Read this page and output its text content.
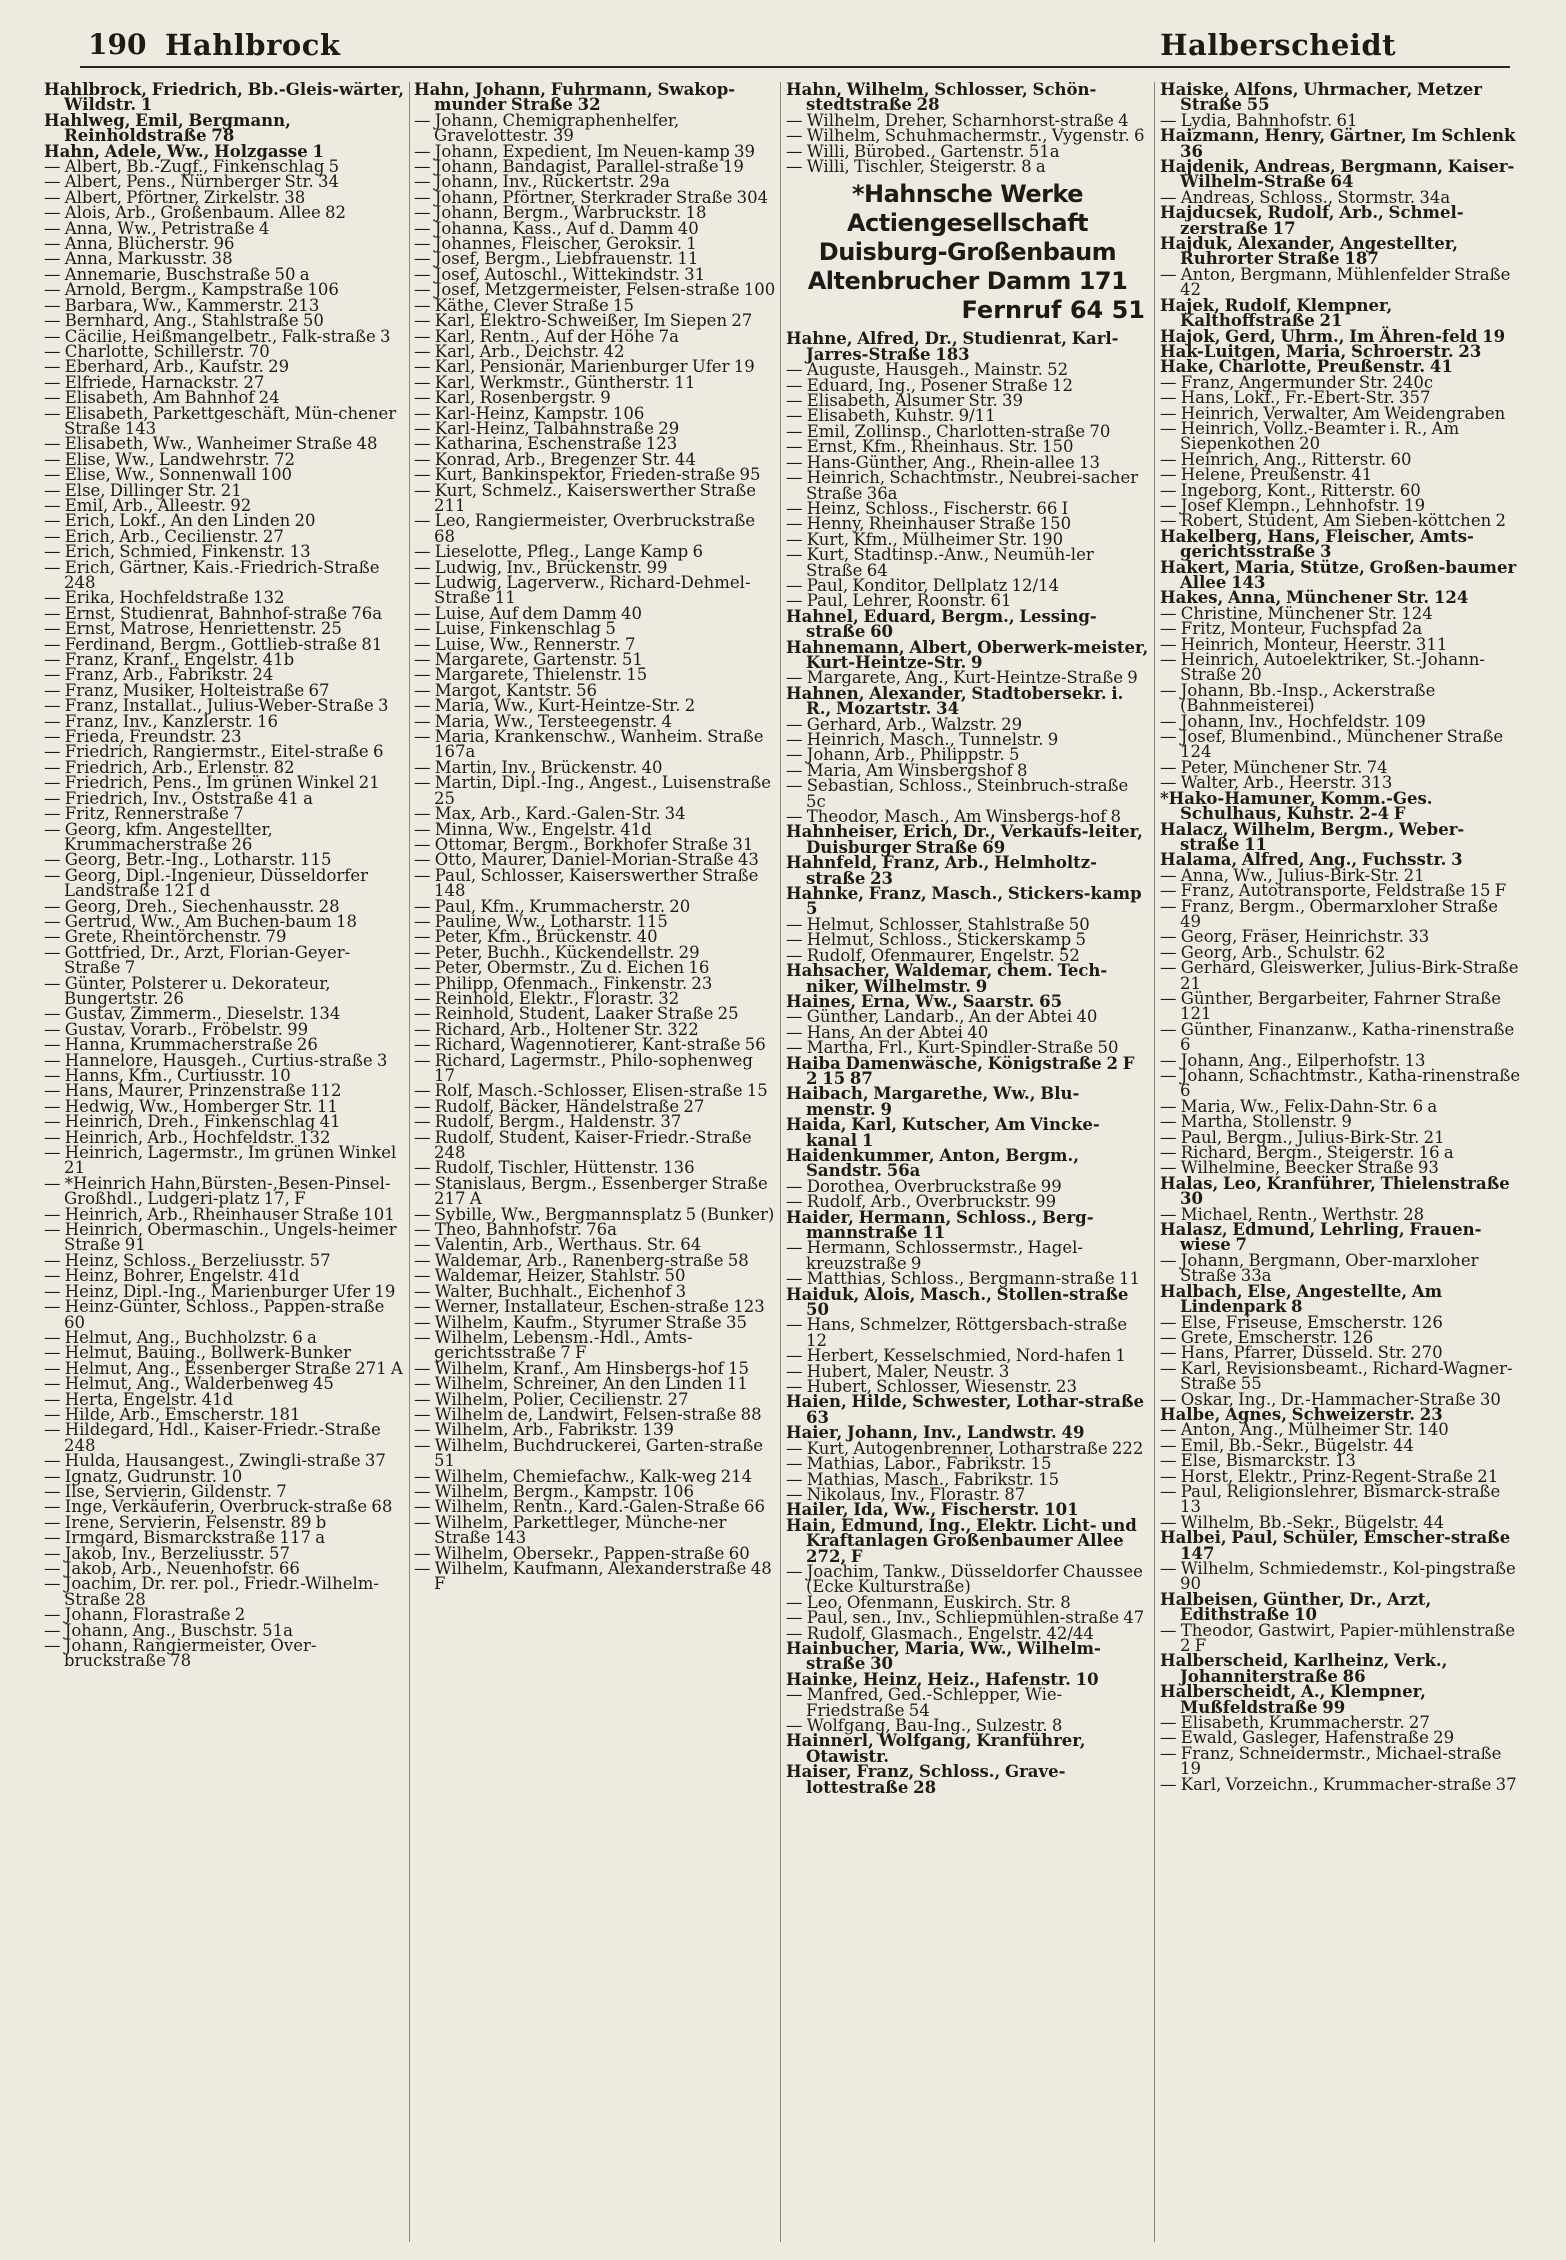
190 Hahlbrock	Halberscheidt
Hahlbrock, Friedrich, Bb.-Gleis-wärter, Wildstr. 1
Hahlweg, Emil, Bergmann, Reinholdstraße 78
Hahn, Adele, Ww., Holzgasse 1
— Albert, Bb.-Zugf., Finkenschlag 5
— Albert, Pens., Nürnberger Str. 34
— Albert, Pförtner, Zirkelstr. 38
— Alois, Arb., Großenbaum. Allee 82
— Anna, Ww., Petristraße 4
— Anna, Blücherstr. 96
— Anna, Markusstr. 38
— Annemarie, Buschstraße 50 a
— Arnold, Bergm., Kampstraße 106
— Barbara, Ww., Kammerstr. 213
— Bernhard, Ang., Stahlstraße 50
— Cäcilie, Heißmangelbetr., Falk-straße 3
— Charlotte, Schillerstr. 70
— Eberhard, Arb., Kaufstr. 29
— Elfriede, Harnackstr. 27
— Elisabeth, Am Bahnhof 24
— Elisabeth, Parkettgeschäft, Mün-chener Straße 143
— Elisabeth, Ww., Wanheimer Straße 48
— Elise, Ww., Landwehrstr. 72
— Elise, Ww., Sonnenwall 100
— Else, Dillinger Str. 21
— Emil, Arb., Alleestr. 92
— Erich, Lokf., An den Linden 20
— Erich, Arb., Cecilienstr. 27
— Erich, Schmied, Finkenstr. 13
— Erich, Gärtner, Kais.-Friedrich-Straße 248
— Erika, Hochfeldstraße 132
— Ernst, Studienrat, Bahnhof-straße 76a
— Ernst, Matrose, Henriettenstr. 25
— Ferdinand, Bergm., Gottlieb-straße 81
— Franz, Kranf., Engelstr. 41b
— Franz, Arb., Fabrikstr. 24
— Franz, Musiker, Holteistraße 67
— Franz, Installat., Julius-Weber-Straße 3
— Franz, Inv., Kanzlerstr. 16
— Frieda, Freundstr. 23
— Friedrich, Rangiermstr., Eitel-straße 6
— Friedrich, Arb., Erlenstr. 82
— Friedrich, Pens., Im grünen Winkel 21
— Friedrich, Inv., Oststraße 41 a
— Fritz, Rennerstraße 7
— Georg, kfm. Angestellter, Krummacherstraße 26
— Georg, Betr.-Ing., Lotharstr. 115
— Georg, Dipl.-Ingenieur, Düsseldorfer Landstraße 121 d
— Georg, Dreh., Siechenhausstr. 28
— Gertrud, Ww., Am Buchen-baum 18
— Grete, Rheintörchenstr. 79
— Gottfried, Dr., Arzt, Florian-Geyer-Straße 7
— Günter, Polsterer u. Dekorateur, Bungertstr. 26
— Gustav, Zimmerm., Dieselstr. 134
— Gustav, Vorarb., Fröbelstr. 99
— Hanna, Krummacherstraße 26
— Hannelore, Hausgeh., Curtius-straße 3
— Hanns, Kfm., Curtiusstr. 10
— Hans, Maurer, Prinzenstraße 112
— Hedwig, Ww., Homberger Str. 11
— Heinrich, Dreh., Finkenschlag 41
— Heinrich, Arb., Hochfeldstr. 132
— Heinrich, Lagermstr., Im grünen Winkel 21
— *Heinrich Hahn,Bürsten-,Besen-Pinsel-Großhdl., Ludgeri-platz 17, F
— Heinrich, Arb., Rheinhauser Straße 101
— Heinrich, Obermaschin., Ungels-heimer Straße 91
— Heinz, Schloss., Berzeliusstr. 57
— Heinz, Bohrer, Engelstr. 41d
— Heinz, Dipl.-Ing., Marienburger Ufer 19
— Heinz-Günter, Schloss., Pappen-straße 60
— Helmut, Ang., Buchholzstr. 6 a
— Helmut, Bauing., Bollwerk-Bunker
— Helmut, Ang., Essenberger Straße 271 A
— Helmut, Ang., Walderbenweg 45
— Herta, Engelstr. 41d
— Hilde, Arb., Emscherstr. 181
— Hildegard, Hdl., Kaiser-Friedr.-Straße 248
— Hulda, Hausangest., Zwingli-straße 37
— Ignatz, Gudrunstr. 10
— Ilse, Servierin, Gildenstr. 7
— Inge, Verkäuferin, Overbruck-straße 68
— Irene, Servierin, Felsenstr. 89 b
— Irmgard, Bismarckstraße 117 a
— Jakob, Inv., Berzeliusstr. 57
— Jakob, Arb., Neuenhofstr. 66
— Joachim, Dr. rer. pol., Friedr.-Wilhelm-Straße 28
— Johann, Florastraße 2
— Johann, Ang., Buschstr. 51a
— Johann, Rangiermeister, Over-bruckstraße 78
Hahn, Johann, Fuhrmann, Swakop-munder Straße 32
— Johann, Chemigraphenhelfer, Gravelottestr. 39
— Johann, Expedient, Im Neuen-kamp 39
— Johann, Bandagist, Parallel-straße 19
— Johann, Inv., Rückertstr. 29a
— Johann, Pförtner, Sterkrader Straße 304
— Johann, Bergm., Warbruckstr. 18
— Johanna, Kass., Auf d. Damm 40
— Johannes, Fleischer, Geroksir. 1
— Josef, Bergm., Liebfrauenstr. 11
— Josef, Autoschl., Wittekindstr. 31
— Josef, Metzgermeister, Felsen-straße 100
— Käthe, Clever Straße 15
— Karl, Elektro-Schweißer, Im Siepen 27
— Karl, Rentn., Auf der Höhe 7a
— Karl, Arb., Deichstr. 42
— Karl, Pensionär, Marienburger Ufer 19
— Karl, Werkmstr., Güntherstr. 11
— Karl, Rosenbergstr. 9
— Karl-Heinz, Kampstr. 106
— Karl-Heinz, Talbahnstraße 29
— Katharina, Eschenstraße 123
— Konrad, Arb., Bregenzer Str. 44
— Kurt, Bankinspektor, Frieden-straße 95
— Kurt, Schmelz., Kaiserswerther Straße 211
— Leo, Rangiermeister, Overbruckstraße 68
— Lieselotte, Pfleg., Lange Kamp 6
— Ludwig, Inv., Brückenstr. 99
— Ludwig, Lagerverw., Richard-Dehmel-Straße 11
— Luise, Auf dem Damm 40
— Luise, Finkenschlag 5
— Luise, Ww., Rennerstr. 7
— Margarete, Gartenstr. 51
— Margarete, Thielenstr. 15
— Margot, Kantstr. 56
— Maria, Ww., Kurt-Heintze-Str. 2
— Maria, Ww., Tersteegenstr. 4
— Maria, Krankenschw., Wanheim. Straße 167a
— Martin, Inv., Brückenstr. 40
— Martin, Dipl.-Ing., Angest., Luisenstraße 25
— Max, Arb., Kard.-Galen-Str. 34
— Minna, Ww., Engelstr. 41d
— Ottomar, Bergm., Borkhofer Straße 31
— Otto, Maurer, Daniel-Morian-Straße 43
— Paul, Schlosser, Kaiserswerther Straße 148
— Paul, Kfm., Krummacherstr. 20
— Pauline, Ww., Lotharstr. 115
— Peter, Kfm., Brückenstr. 40
— Peter, Buchh., Kückendellstr. 29
— Peter, Obermstr., Zu d. Eichen 16
— Philipp, Ofenmach., Finkenstr. 23
— Reinhold, Elektr., Florastr. 32
— Reinhold, Student, Laaker Straße 25
— Richard, Arb., Holtener Str. 322
— Richard, Wagennotierer, Kant-straße 56
— Richard, Lagermstr., Philo-sophenweg 17
— Rolf, Masch.-Schlosser, Elisen-straße 15
— Rudolf, Bäcker, Händelstraße 27
— Rudolf, Bergm., Haldenstr. 37
— Rudolf, Student, Kaiser-Friedr.-Straße 248
— Rudolf, Tischler, Hüttenstr. 136
— Stanislaus, Bergm., Essenberger Straße 217 A
— Sybille, Ww., Bergmannsplatz 5 (Bunker)
— Theo, Bahnhofstr. 76a
— Valentin, Arb., Werthaus. Str. 64
— Waldemar, Arb., Ranenberg-straße 58
— Waldemar, Heizer, Stahlstr. 50
— Walter, Buchhalt., Eichenhof 3
— Werner, Installateur, Eschen-straße 123
— Wilhelm, Kaufm., Styrumer Straße 35
— Wilhelm, Lebensm.-Hdl., Amts-gerichtsstraße 7 F
— Wilhelm, Kranf., Am Hinsbergs-hof 15
— Wilhelm, Schreiner, An den Linden 11
— Wilhelm, Polier, Cecilienstr. 27
— Wilhelm de, Landwirt, Felsen-straße 88
— Wilhelm, Arb., Fabrikstr. 139
— Wilhelm, Buchdruckerei, Garten-straße 51
— Wilhelm, Chemiefachw., Kalk-weg 214
— Wilhelm, Bergm., Kampstr. 106
— Wilhelm, Rentn., Kard.-Galen-Straße 66
— Wilhelm, Parkettleger, Münche-ner Straße 143
— Wilhelm, Obersekr., Pappen-straße 60
— Wilhelm, Kaufmann, Alexanderstraße 48 F
Hahn, Wilhelm, Schlosser, Schön-stedtstraße 28
— Wilhelm, Dreher, Scharnhorst-straße 4
— Wilhelm, Schuhmachermstr., Vygenstr. 6
— Willi, Bürobed., Gartenstr. 51a
— Willi, Tischler, Steigerstr. 8 a
*Hahnsche Werke
Actiengesellschaft
Duisburg-Großenbaum
Altenbrucher Damm 171
Fernruf 64 51
Hahne, Alfred, Dr., Studienrat, Karl-Jarres-Straße 183
— Auguste, Hausgeh., Mainstr. 52
— Eduard, Ing., Posener Straße 12
— Elisabeth, Alsumer Str. 39
— Elisabeth, Kuhstr. 9/11
— Emil, Zollinsp., Charlotten-straße 70
— Ernst, Kfm., Rheinhaus. Str. 150
— Hans-Günther, Ang., Rhein-allee 13
— Heinrich, Schachtmstr., Neubrei-sacher Straße 36a
— Heinz, Schloss., Fischerstr. 66 I
— Henny, Rheinhauser Straße 150
— Kurt, Kfm., Mülheimer Str. 190
— Kurt, Stadtinsp.-Anw., Neumüh-ler Straße 64
— Paul, Konditor, Dellplatz 12/14
— Paul, Lehrer, Roonstr. 61
Hahnel, Eduard, Bergm., Lessing-straße 60
Hahnemann, Albert, Oberwerk-meister, Kurt-Heintze-Str. 9
— Margarete, Ang., Kurt-Heintze-Straße 9
Hahnen, Alexander, Stadtobersekr. i. R., Mozartstr. 34
— Gerhard, Arb., Walzstr. 29
— Heinrich, Masch., Tunnelstr. 9
— Johann, Arb., Philippstr. 5
— Maria, Am Winsbergshof 8
— Sebastian, Schloss., Steinbruch-straße 5c
— Theodor, Masch., Am Winsbergs-hof 8
Hahnheiser, Erich, Dr., Verkaufs-leiter, Duisburger Straße 69
Hahnfeld, Franz, Arb., Helmholtz-straße 23
Hahnke, Franz, Masch., Stickers-kamp 5
— Helmut, Schlosser, Stahlstraße 50
— Helmut, Schloss., Stickerskamp 5
— Rudolf, Ofenmaurer, Engelstr. 52
Hahsacher, Waldemar, chem. Tech-niker, Wilhelmstr. 9
Haines, Erna, Ww., Saarstr. 65
— Günther, Landarb., An der Abtei 40
— Hans, An der Abtei 40
— Martha, Frl., Kurt-Spindler-Straße 50
Haiba Damenwäsche, Königstraße 2 F 2 15 87
Haibach, Margarethe, Ww., Blu-menstr. 9
Haida, Karl, Kutscher, Am Vincke-kanal 1
Haidenkummer, Anton, Bergm., Sandstr. 56a
— Dorothea, Overbruckstraße 99
— Rudolf, Arb., Overbruckstr. 99
Haider, Hermann, Schloss., Berg-mannstraße 11
— Hermann, Schlossermstr., Hagel-kreuzstraße 9
— Matthias, Schloss., Bergmann-straße 11
Haiduk, Alois, Masch., Stollen-straße 50
— Hans, Schmelzer, Röttgersbach-straße 12
— Herbert, Kesselschmied, Nord-hafen 1
— Hubert, Maler, Neustr. 3
— Hubert, Schlosser, Wiesenstr. 23
Haien, Hilde, Schwester, Lothar-straße 63
Haier, Johann, Inv., Landwstr. 49
— Kurt, Autogenbrenner, Lotharstraße 222
— Mathias, Labor., Fabrikstr. 15
— Mathias, Masch., Fabrikstr. 15
— Nikolaus, Inv., Florastr. 87
Hailer, Ida, Ww., Fischerstr. 101
Hain, Edmund, Ing., Elektr. Licht- und Kraftanlagen Großenbaumer Allee 272, F
— Joachim, Tankw., Düsseldorfer Chaussee (Ecke Kulturstraße)
— Leo, Ofenmann, Euskirch. Str. 8
— Paul, sen., Inv., Schliepmühlen-straße 47
— Rudolf, Glasmach., Engelstr. 42/44
Hainbucher, Maria, Ww., Wilhelm-straße 30
Hainke, Heinz, Heiz., Hafenstr. 10
— Manfred, Ged.-Schlepper, Wie-Friedstraße 54
— Wolfgang, Bau-Ing., Sulzestr. 8
Hainnerl, Wolfgang, Kranführer, Otawistr.
Haiser, Franz, Schloss., Grave-lottestraße 28
Haiske, Alfons, Uhrmacher, Metzer Straße 55
— Lydia, Bahnhofstr. 61
Haizmann, Henry, Gärtner, Im Schlenk 36
Hajdenik, Andreas, Bergmann, Kaiser-Wilhelm-Straße 64
— Andreas, Schloss., Stormstr. 34a
Hajducsek, Rudolf, Arb., Schmel-zerstraße 17
Hajduk, Alexander, Angestellter, Ruhrorter Straße 187
— Anton, Bergmann, Mühlenfelder Straße 42
Hajek, Rudolf, Klempner, Kalthoffstraße 21
Hajok, Gerd, Uhrm., Im Ähren-feld 19
Hak-Luitgen, Maria, Schroerstr. 23
Hake, Charlotte, Preußenstr. 41
— Franz, Angermunder Str. 240c
— Hans, Lokf., Fr.-Ebert-Str. 357
— Heinrich, Verwalter, Am Weidengraben
— Heinrich, Vollz.-Beamter i. R., Am Siepenkothen 20
— Heinrich, Ang., Ritterstr. 60
— Helene, Preußenstr. 41
— Ingeborg, Kont., Ritterstr. 60
— Josef Klempn., Lehnhofstr. 19
— Robert, Student, Am Sieben-köttchen 2
Hakelberg, Hans, Fleischer, Amts-gerichtsstraße 3
Hakert, Maria, Stütze, Großen-baumer Allee 143
Hakes, Anna, Münchener Str. 124
— Christine, Münchener Str. 124
— Fritz, Monteur, Fuchspfad 2a
— Heinrich, Monteur, Heerstr. 311
— Heinrich, Autoelektriker, St.-Johann-Straße 20
— Johann, Bb.-Insp., Ackerstraße (Bahnmeisterei)
— Johann, Inv., Hochfeldstr. 109
— Josef, Blumenbind., Münchener Straße 124
— Peter, Münchener Str. 74
— Walter, Arb., Heerstr. 313
*Hako-Hamuner, Komm.-Ges. Schulhaus, Kuhstr. 2-4 F
Halacz, Wilhelm, Bergm., Weber-straße 11
Halama, Alfred, Ang., Fuchsstr. 3
— Anna, Ww., Julius-Birk-Str. 21
— Franz, Autotransporte, Feldstraße 15 F
— Franz, Bergm., Obermarxloher Straße 49
— Georg, Fräser, Heinrichstr. 33
— Georg, Arb., Schulstr. 62
— Gerhard, Gleiswerker, Julius-Birk-Straße 21
— Günther, Bergarbeiter, Fahrner Straße 121
— Günther, Finanzanw., Katha-rinenstraße 6
— Johann, Ang., Eilperhofstr. 13
— Johann, Schachtmstr., Katha-rinenstraße 6
— Maria, Ww., Felix-Dahn-Str. 6 a
— Martha, Stollenstr. 9
— Paul, Bergm., Julius-Birk-Str. 21
— Richard, Bergm., Steigerstr. 16 a
— Wilhelmine, Beecker Straße 93
Halas, Leo, Kranführer, Thielenstraße 30
— Michael, Rentn., Werthstr. 28
Halasz, Edmund, Lehrling, Frauen-wiese 7
— Johann, Bergmann, Ober-marxloher Straße 33a
Halbach, Else, Angestellte, Am Lindenpark 8
— Else, Friseuse, Emscherstr. 126
— Grete, Emscherstr. 126
— Hans, Pfarrer, Düsseld. Str. 270
— Karl, Revisionsbeamt., Richard-Wagner-Straße 55
— Oskar, Ing., Dr.-Hammacher-Straße 30
Halbe, Agnes, Schweizerstr. 23
— Anton, Ang., Mülheimer Str. 140
— Emil, Bb.-Sekr., Bügelstr. 44
— Else, Bismarckstr. 13
— Horst, Elektr., Prinz-Regent-Straße 21
— Paul, Religionslehrer, Bismarck-straße 13
— Wilhelm, Bb.-Sekr., Bügelstr. 44
Halbei, Paul, Schüler, Emscher-straße 147
— Wilhelm, Schmiedemstr., Kol-pingstraße 90
Halbeisen, Günther, Dr., Arzt, Edithstraße 10
— Theodor, Gastwirt, Papier-mühlenstraße 2 F
Halberscheid, Karlheinz, Verk., Johanniterstraße 86
Halberscheidt, A., Klempner, Mußfeldstraße 99
— Elisabeth, Krummacherstr. 27
— Ewald, Gasleger, Hafenstraße 29
— Franz, Schneidermstr., Michael-straße 19
— Karl, Vorzeichn., Krummacher-straße 37
